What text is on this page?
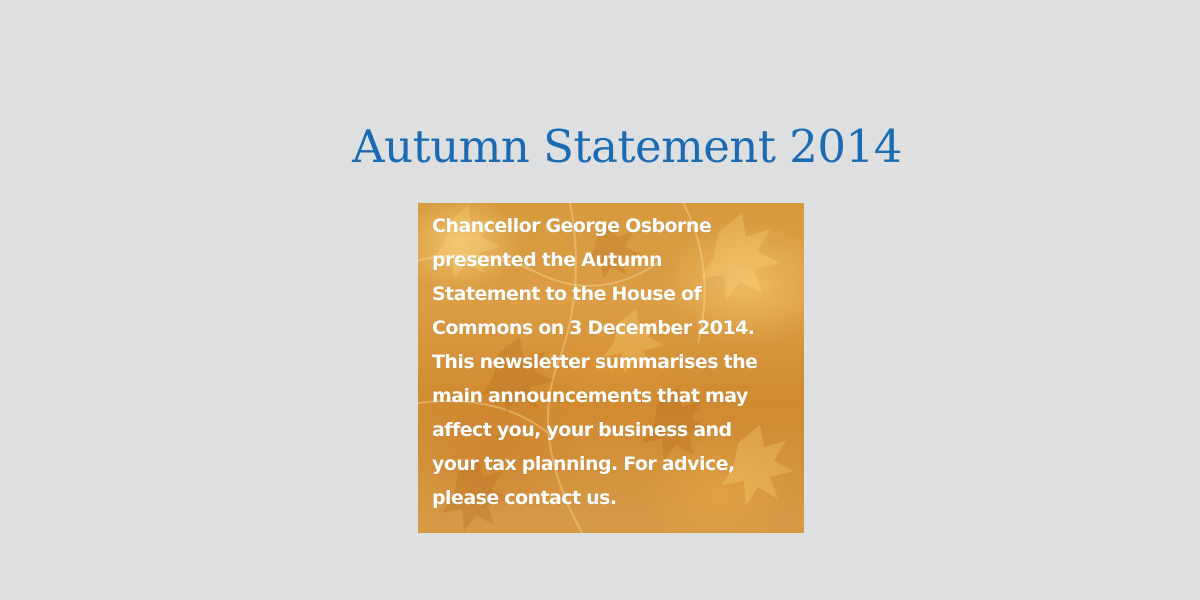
Autumn Statement 2014

Chancellor George Osborne
presented the Autumn
Statement to the House of
Commons on 3 December 2014.
This newsletter summarises the
main announcements that may
affect you, your business and
your tax planning. For advice,
please contact us.
